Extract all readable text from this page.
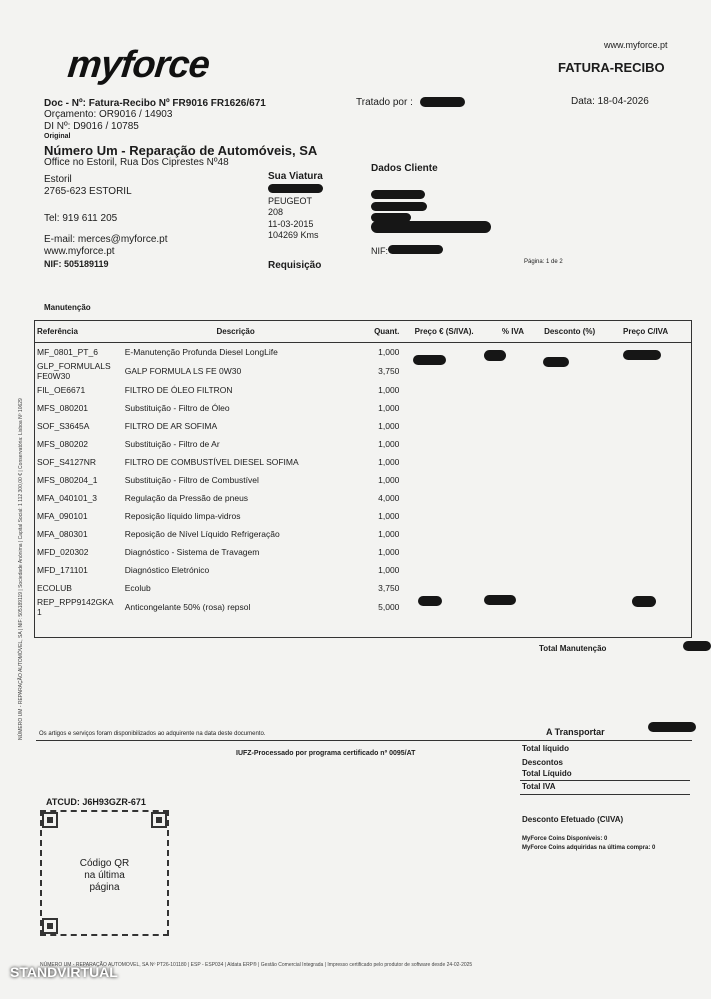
www.myforce.pt
myforce	FATURA-RECIBO
Doc - Nº: Fatura-Recibo Nº FR9016 FR1626/671
Orçamento: OR9016 / 14903
DI Nº: D9016 / 10785
Original
Tratado por :	Data: 18-04-2026
Número Um - Reparação de Automóveis, SA
Office no Estoril, Rua Dos Ciprestes Nº48
Estoril
2765-623 ESTORIL
Tel: 919 611 205
E-mail: merces@myforce.pt
www.myforce.pt
NIF: 505189119
Sua Viatura
PEUGEOT
208
11-03-2015
104269 Kms
Requisição
Dados Cliente
NIF:
Página: 1 de 2
Manutenção
Referência	Descrição	Quant.	Preço € (S/IVA).	% IVA	Desconto (%)	Preço C/IVA
MF_0801_PT_6	E-Manutenção Profunda Diesel LongLife	1,000				
GLP_FORMULALS FE0W30	GALP FORMULA LS FE 0W30	3,750				
FIL_OE6671	FILTRO DE ÓLEO FILTRON	1,000				
MFS_080201	Substituição - Filtro de Óleo	1,000				
SOF_S3645A	FILTRO DE AR SOFIMA	1,000				
MFS_080202	Substituição - Filtro de Ar	1,000				
SOF_S4127NR	FILTRO DE COMBUSTÍVEL DIESEL SOFIMA	1,000				
MFS_080204_1	Substituição - Filtro de Combustível	1,000				
MFA_040101_3	Regulação da Pressão de pneus	4,000				
MFA_090101	Reposição líquido limpa-vidros	1,000				
MFA_080301	Reposição de Nível Líquido Refrigeração	1,000				
MFD_020302	Diagnóstico - Sistema de Travagem	1,000				
MFD_171101	Diagnóstico Eletrónico	1,000				
ECOLUB	Ecolub	3,750				
REP_RPP9142GKA 1	Anticongelante 50% (rosa) repsol	5,000				
Total Manutenção
Os artigos e serviços foram disponibilizados ao adquirente na data deste documento.	A Transportar
IUFZ-Processado por programa certificado nº 0095/AT
Total líquido
Descontos
Total Líquido
Total IVA
Desconto Efetuado (C\IVA)
MyForce Coins Disponíveis: 0
MyForce Coins adquiridas na última compra: 0
ATCUD: J6H93GZR-671
Código QR
na última
página
NÚMERO UM - REPARAÇÃO AUTOMOVEL, SA Nº PT26-101180 | ESP - ESP034 | Aldata ERP® | Gestão Comercial Integrada | Impresso certificado pelo produtor de software desde 24-02-2025
NÚMERO UM - REPARAÇÃO AUTOMÓVEL, SA | NIF: 505189119 | Sociedade Anónima | Capital Social: 1 112 300,00 € | Conservatória: Lisboa Nº 10629
STANDVIRTUAL
